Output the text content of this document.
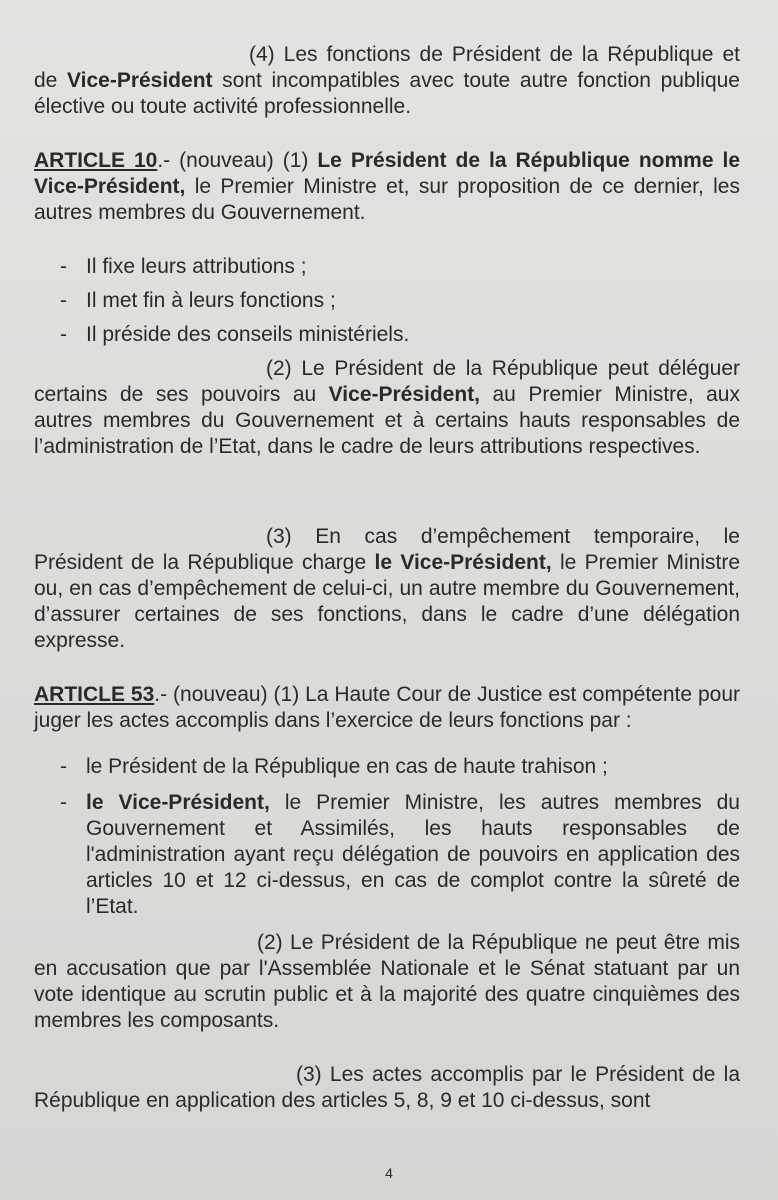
(4) Les fonctions de Président de la République et de Vice-Président sont incompatibles avec toute autre fonction publique élective ou toute activité professionnelle.

ARTICLE 10.- (nouveau) (1) Le Président de la République nomme le Vice-Président, le Premier Ministre et, sur proposition de ce dernier, les autres membres du Gouvernement.

- Il fixe leurs attributions ;
- Il met fin à leurs fonctions ;
- Il préside des conseils ministériels.

(2) Le Président de la République peut déléguer certains de ses pouvoirs au Vice-Président, au Premier Ministre, aux autres membres du Gouvernement et à certains hauts responsables de l’administration de l’Etat, dans le cadre de leurs attributions respectives.

(3) En cas d’empêchement temporaire, le Président de la République charge le Vice-Président, le Premier Ministre ou, en cas d’empêchement de celui-ci, un autre membre du Gouvernement, d’assurer certaines de ses fonctions, dans le cadre d’une délégation expresse.

ARTICLE 53.- (nouveau) (1) La Haute Cour de Justice est compétente pour juger les actes accomplis dans l’exercice de leurs fonctions par :

- le Président de la République en cas de haute trahison ;
- le Vice-Président, le Premier Ministre, les autres membres du Gouvernement et Assimilés, les hauts responsables de l'administration ayant reçu délégation de pouvoirs en application des articles 10 et 12 ci-dessus, en cas de complot contre la sûreté de l’Etat.

(2) Le Président de la République ne peut être mis en accusation que par l'Assemblée Nationale et le Sénat statuant par un vote identique au scrutin public et à la majorité des quatre cinquièmes des membres les composants.

(3) Les actes accomplis par le Président de la République en application des articles 5, 8, 9 et 10 ci-dessus, sont

4
